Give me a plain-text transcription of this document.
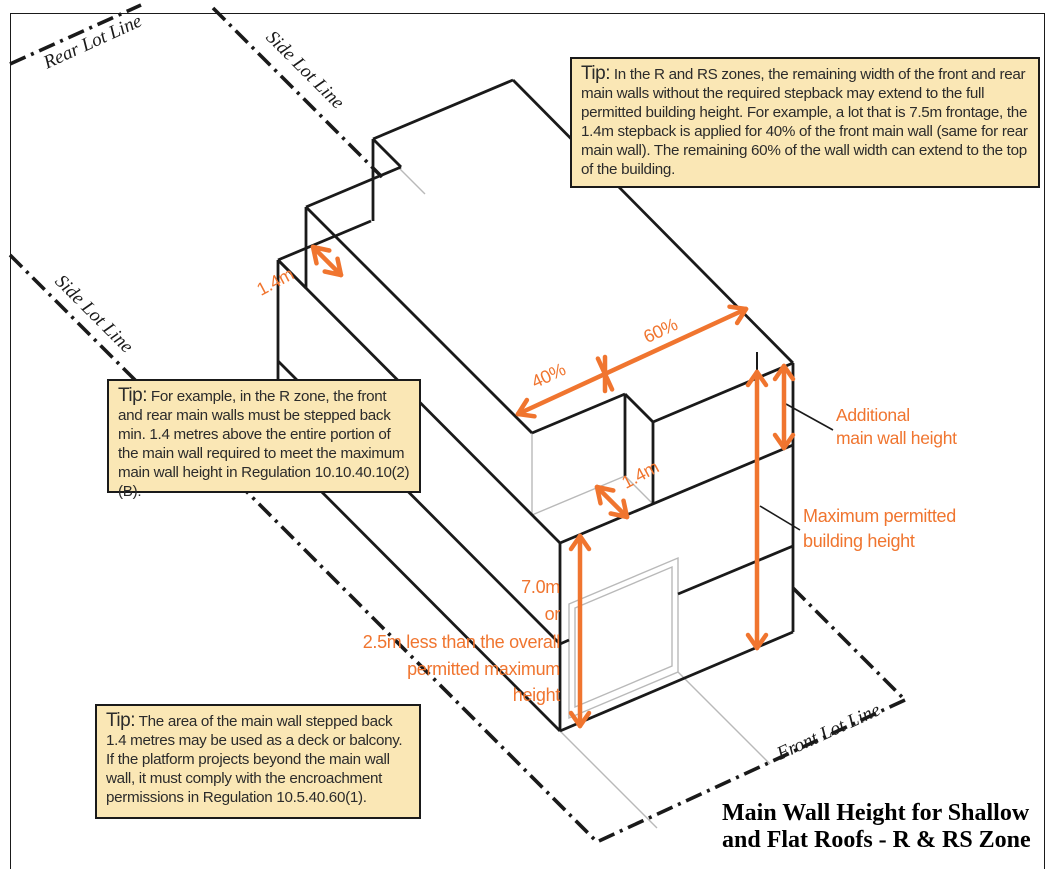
Rear Lot Line	Side Lot Line
Side Lot Line
Front Lot Line
1.4m
40%
60%
1.4m
7.0m
or
2.5m less than the overall
permitted maximum
height
Additional
main wall height
Maximum permitted
building height
Tip: In the R and RS zones, the remaining width of the front and rear main walls without the required stepback may extend to the full permitted building height. For example, a lot that is 7.5m frontage, the 1.4m stepback is applied for 40% of the front main wall (same for rear main wall). The remaining 60% of the wall width can extend to the top of the building.
Tip: For example, in the R zone, the front and rear main walls must be stepped back min. 1.4 metres above the entire portion of the main wall required to meet the maximum main wall height in Regulation 10.10.40.10(2)(B).
Tip: The area of the main wall stepped back 1.4 metres may be used as a deck or balcony. If the platform projects beyond the main wall wall, it must comply with the encroachment permissions in Regulation 10.5.40.60(1).
Main Wall Height for Shallow
and Flat Roofs - R & RS Zone
